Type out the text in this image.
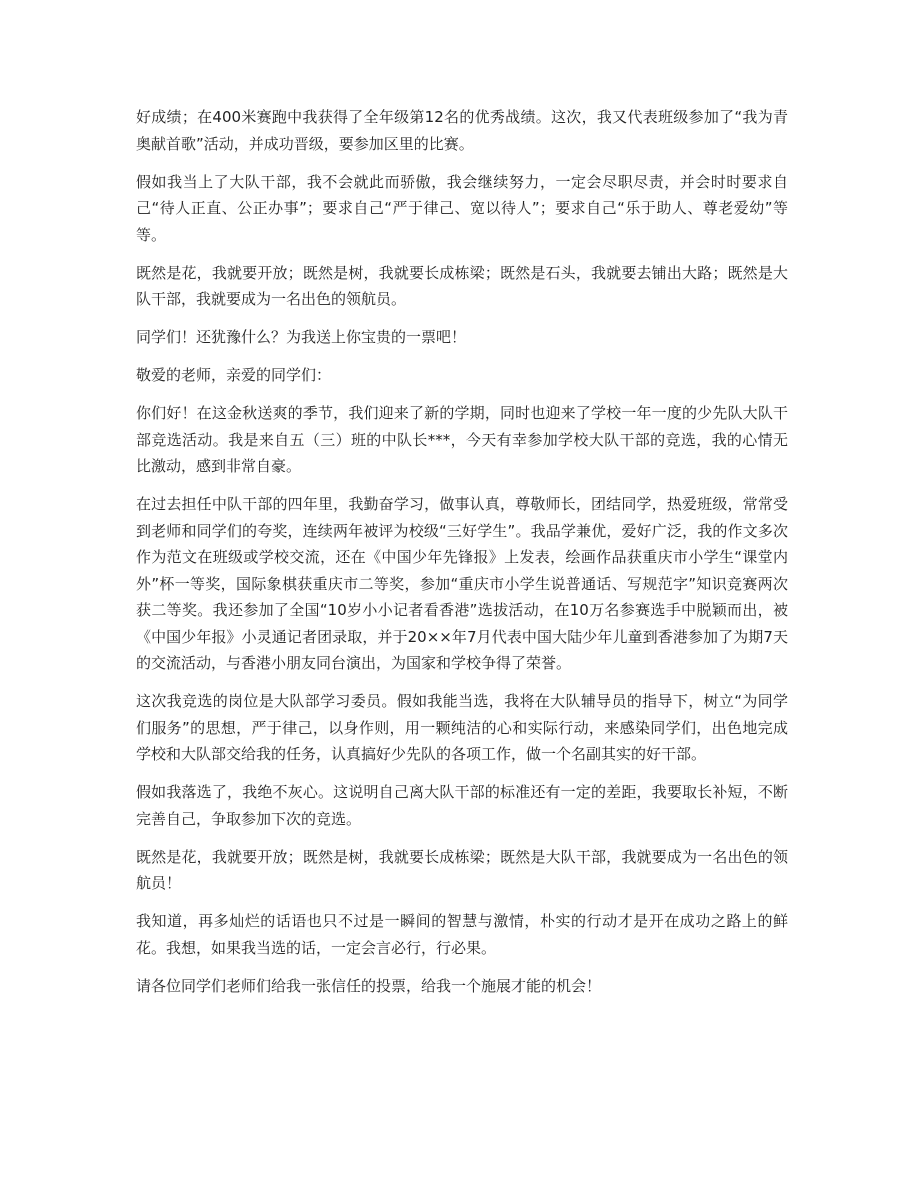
好成绩；在400米赛跑中我获得了全年级第12名的优秀战绩。这次，我又代表班级参加了“我为青奥献首歌”活动，并成功晋级，要参加区里的比赛。

假如我当上了大队干部，我不会就此而骄傲，我会继续努力，一定会尽职尽责，并会时时要求自己“待人正直、公正办事”；要求自己“严于律己、宽以待人”；要求自己“乐于助人、尊老爱幼”等等。

既然是花，我就要开放；既然是树，我就要长成栋梁；既然是石头，我就要去铺出大路；既然是大队干部，我就要成为一名出色的领航员。

同学们！还犹豫什么？为我送上你宝贵的一票吧！

敬爱的老师，亲爱的同学们：

你们好！在这金秋送爽的季节，我们迎来了新的学期，同时也迎来了学校一年一度的少先队大队干部竞选活动。我是来自五（三）班的中队长***，今天有幸参加学校大队干部的竞选，我的心情无比激动，感到非常自豪。

在过去担任中队干部的四年里，我勤奋学习，做事认真，尊敬师长，团结同学，热爱班级，常常受到老师和同学们的夸奖，连续两年被评为校级“三好学生”。我品学兼优，爱好广泛，我的作文多次作为范文在班级或学校交流，还在《中国少年先锋报》上发表，绘画作品获重庆市小学生“课堂内外”杯一等奖，国际象棋获重庆市二等奖，参加“重庆市小学生说普通话、写规范字”知识竞赛两次获二等奖。我还参加了全国“10岁小小记者看香港”选拔活动，在10万名参赛选手中脱颖而出，被《中国少年报》小灵通记者团录取，并于20××年7月代表中国大陆少年儿童到香港参加了为期7天的交流活动，与香港小朋友同台演出，为国家和学校争得了荣誉。

这次我竞选的岗位是大队部学习委员。假如我能当选，我将在大队辅导员的指导下，树立“为同学们服务”的思想，严于律己，以身作则，用一颗纯洁的心和实际行动，来感染同学们，出色地完成学校和大队部交给我的任务，认真搞好少先队的各项工作，做一个名副其实的好干部。

假如我落选了，我绝不灰心。这说明自己离大队干部的标准还有一定的差距，我要取长补短，不断完善自己，争取参加下次的竞选。

既然是花，我就要开放；既然是树，我就要长成栋梁；既然是大队干部，我就要成为一名出色的领航员！

我知道，再多灿烂的话语也只不过是一瞬间的智慧与激情，朴实的行动才是开在成功之路上的鲜花。我想，如果我当选的话，一定会言必行，行必果。

请各位同学们老师们给我一张信任的投票，给我一个施展才能的机会！
